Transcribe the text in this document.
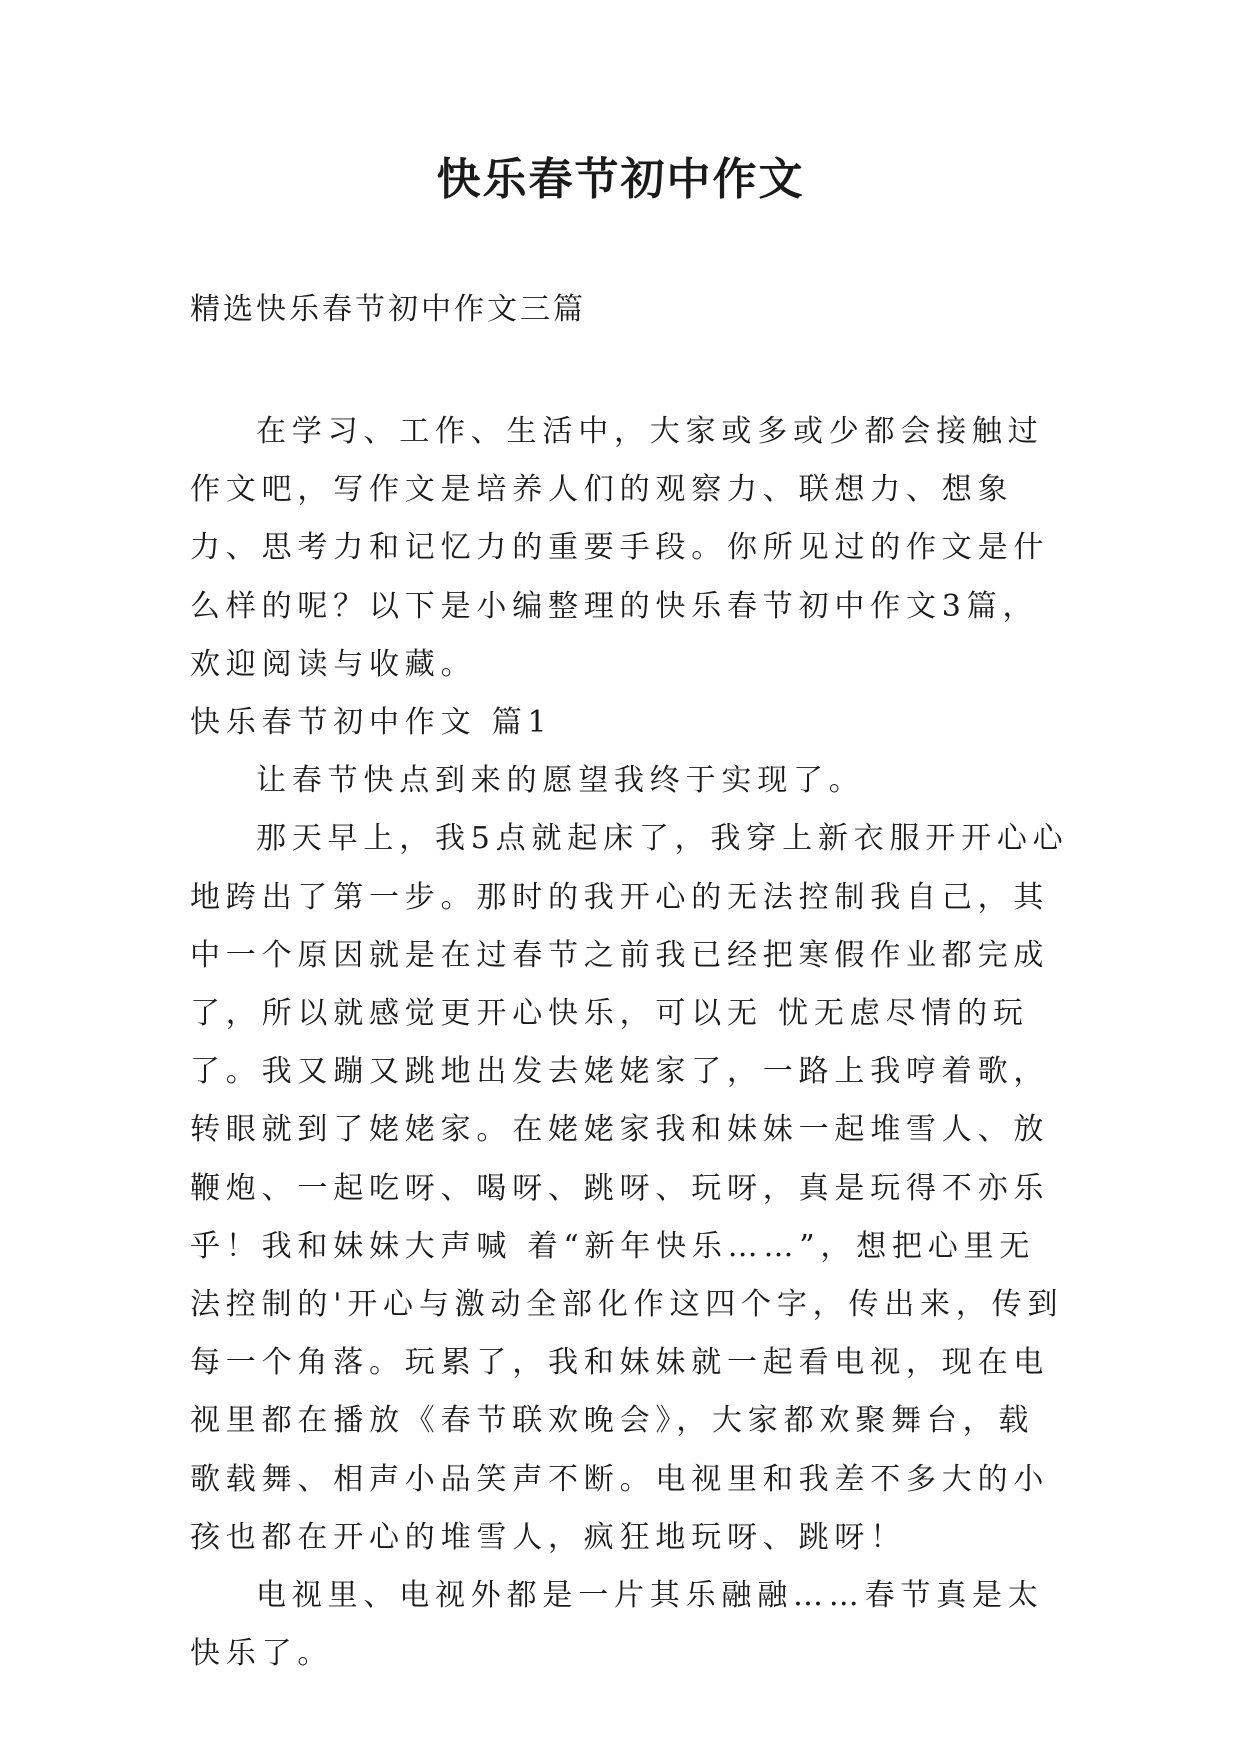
快乐春节初中作文

精选快乐春节初中作文三篇

在学习、工作、生活中，大家或多或少都会接触过作文吧，写作文是培养人们的观察力、联想力、想象力、思考力和记忆力的重要手段。你所见过的作文是什么样的呢？以下是小编整理的快乐春节初中作文3篇，欢迎阅读与收藏。

快乐春节初中作文 篇1

让春节快点到来的愿望我终于实现了。

那天早上，我5点就起床了，我穿上新衣服开开心心地跨出了第一步。那时的我开心的无法控制我自己，其中一个原因就是在过春节之前我已经把寒假作业都完成了，所以就感觉更开心快乐，可以无 忧无虑尽情的玩了。我又蹦又跳地出发去姥姥家了，一路上我哼着歌，转眼就到了姥姥家。在姥姥家我和妹妹一起堆雪人、放鞭炮、一起吃呀、喝呀、跳呀、玩呀，真是玩得不亦乐乎！我和妹妹大声喊 着“新年快乐……”，想把心里无法控制的'开心与激动全部化作这四个字，传出来，传到每一个角落。玩累了，我和妹妹就一起看电视，现在电视里都在播放《春节联欢晚会》，大家都欢聚舞台，载 歌载舞、相声小品笑声不断。电视里和我差不多大的小孩也都在开心的堆雪人，疯狂地玩呀、跳呀！

电视里、电视外都是一片其乐融融……春节真是太快乐了。
